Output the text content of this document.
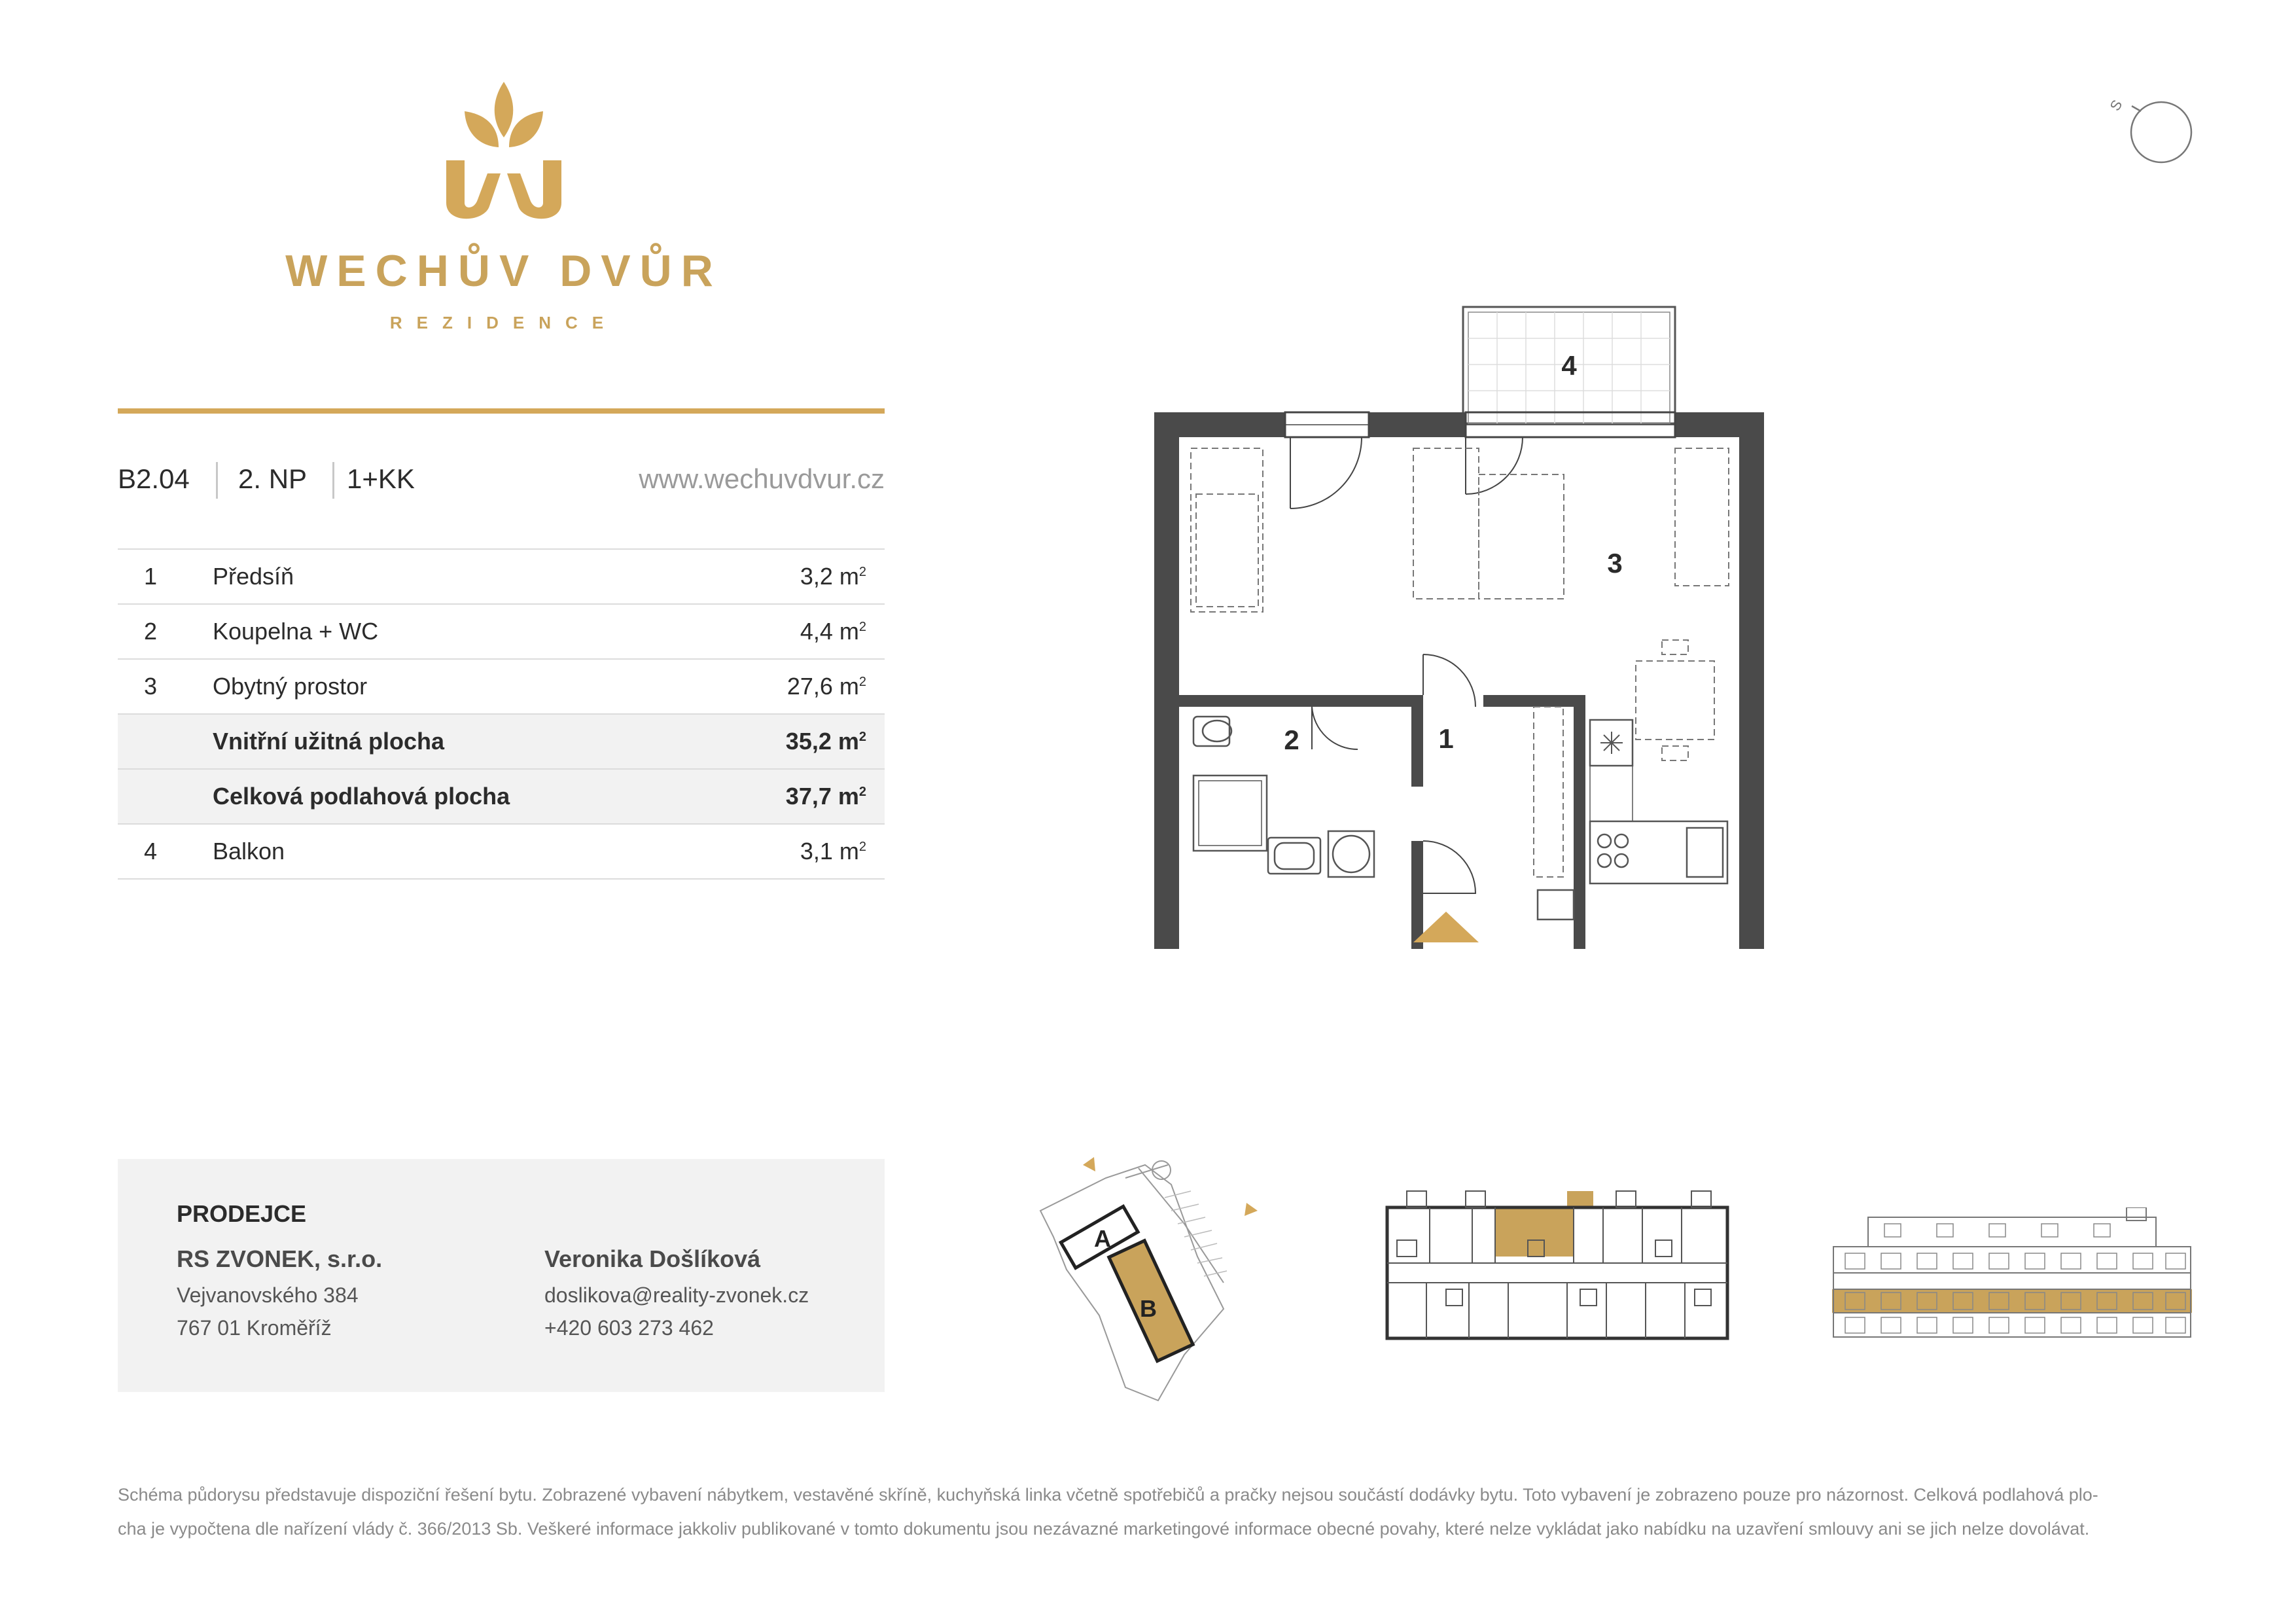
WECHŮV DVŮR
REZIDENCE
B2.04 2. NP 1+KK	www.wechuvdvur.cz
1	Předsíň	3,2 $m^2$
2	Koupelna + WC	4,4 $m^2$
3	Obytný prostor	27,6 $m^2$
Vnitřní užitná plocha	35,2 $m^2$
Celková podlahová plocha	37,7 $m^2$
4	Balkon	3,1 $m^2$
PRODEJCE
RS ZVONEK, s.r.o.
Vejvanovského 384
767 01 Kroměříž
Veronika Došlíková
doslikova@reality-zvonek.cz
+420 603 273 462
S
4
3
2	1
A
B
Schéma půdorysu představuje dispoziční řešení bytu. Zobrazené vybavení nábytkem, vestavěné skříně, kuchyňská linka včetně spotřebičů a pračky nejsou součástí dodávky bytu. Toto vybavení je zobrazeno pouze pro názornost. Celková podlahová plo-
cha je vypočtena dle nařízení vlády č. 366/2013 Sb. Veškeré informace jakkoliv publikované v tomto dokumentu jsou nezávazné marketingové informace obecné povahy, které nelze vykládat jako nabídku na uzavření smlouvy ani se jich nelze dovolávat.
